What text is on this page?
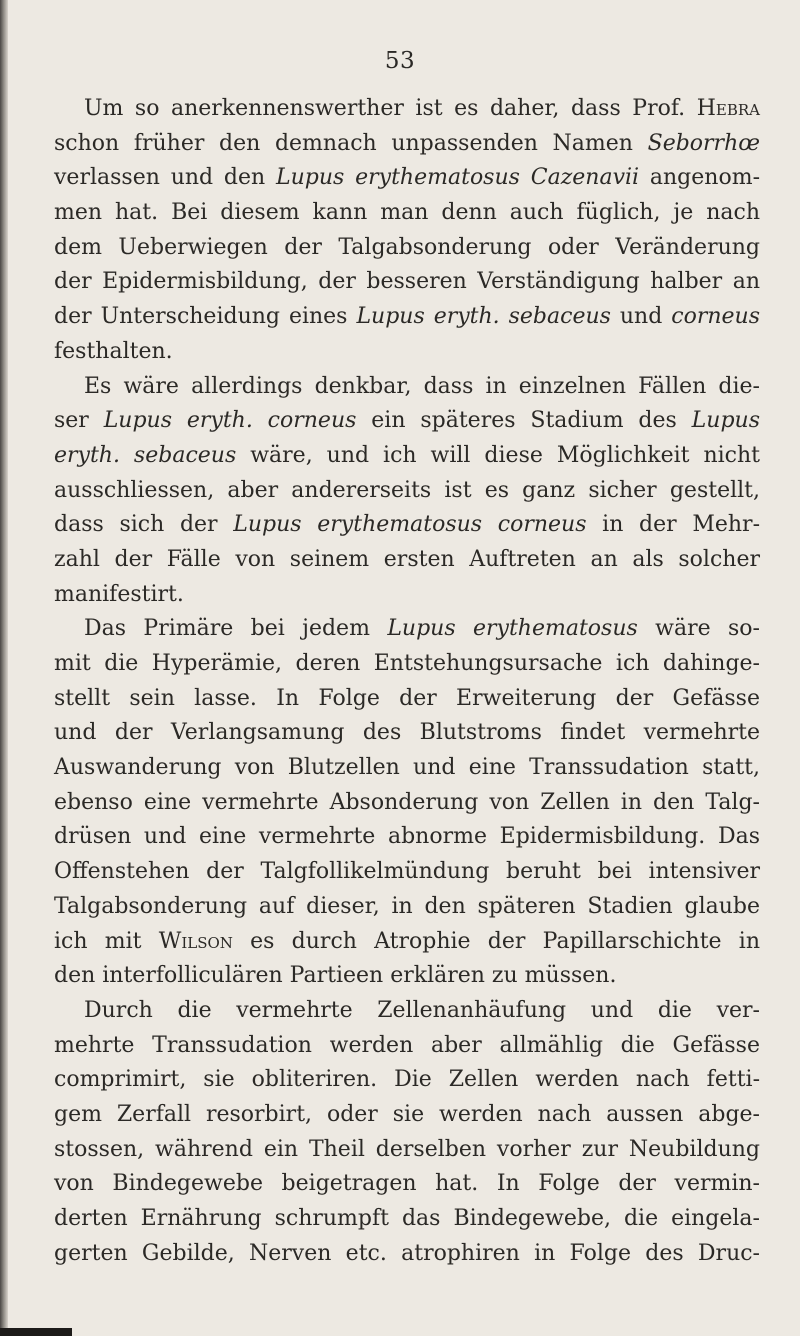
53
Um so anerkennenswerther ist es daher, dass Prof. Hebra
schon früher den demnach unpassenden Namen Seborrhœ
verlassen und den Lupus erythematosus Cazenavii angenom-
men hat. Bei diesem kann man denn auch füglich, je nach
dem Ueberwiegen der Talgabsonderung oder Veränderung
der Epidermisbildung, der besseren Verständigung halber an
der Unterscheidung eines Lupus eryth. sebaceus und corneus
festhalten.
Es wäre allerdings denkbar, dass in einzelnen Fällen die-
ser Lupus eryth. corneus ein späteres Stadium des Lupus
eryth. sebaceus wäre, und ich will diese Möglichkeit nicht
ausschliessen, aber andererseits ist es ganz sicher gestellt,
dass sich der Lupus erythematosus corneus in der Mehr-
zahl der Fälle von seinem ersten Auftreten an als solcher
manifestirt.
Das Primäre bei jedem Lupus erythematosus wäre so-
mit die Hyperämie, deren Entstehungsursache ich dahinge-
stellt sein lasse. In Folge der Erweiterung der Gefässe
und der Verlangsamung des Blutstroms findet vermehrte
Auswanderung von Blutzellen und eine Transsudation statt,
ebenso eine vermehrte Absonderung von Zellen in den Talg-
drüsen und eine vermehrte abnorme Epidermisbildung. Das
Offenstehen der Talgfollikelmündung beruht bei intensiver
Talgabsonderung auf dieser, in den späteren Stadien glaube
ich mit Wilson es durch Atrophie der Papillarschichte in
den interfolliculären Partieen erklären zu müssen.
Durch die vermehrte Zellenanhäufung und die ver-
mehrte Transsudation werden aber allmählig die Gefässe
comprimirt, sie obliteriren. Die Zellen werden nach fetti-
gem Zerfall resorbirt, oder sie werden nach aussen abge-
stossen, während ein Theil derselben vorher zur Neubildung
von Bindegewebe beigetragen hat. In Folge der vermin-
derten Ernährung schrumpft das Bindegewebe, die eingela-
gerten Gebilde, Nerven etc. atrophiren in Folge des Druc-
